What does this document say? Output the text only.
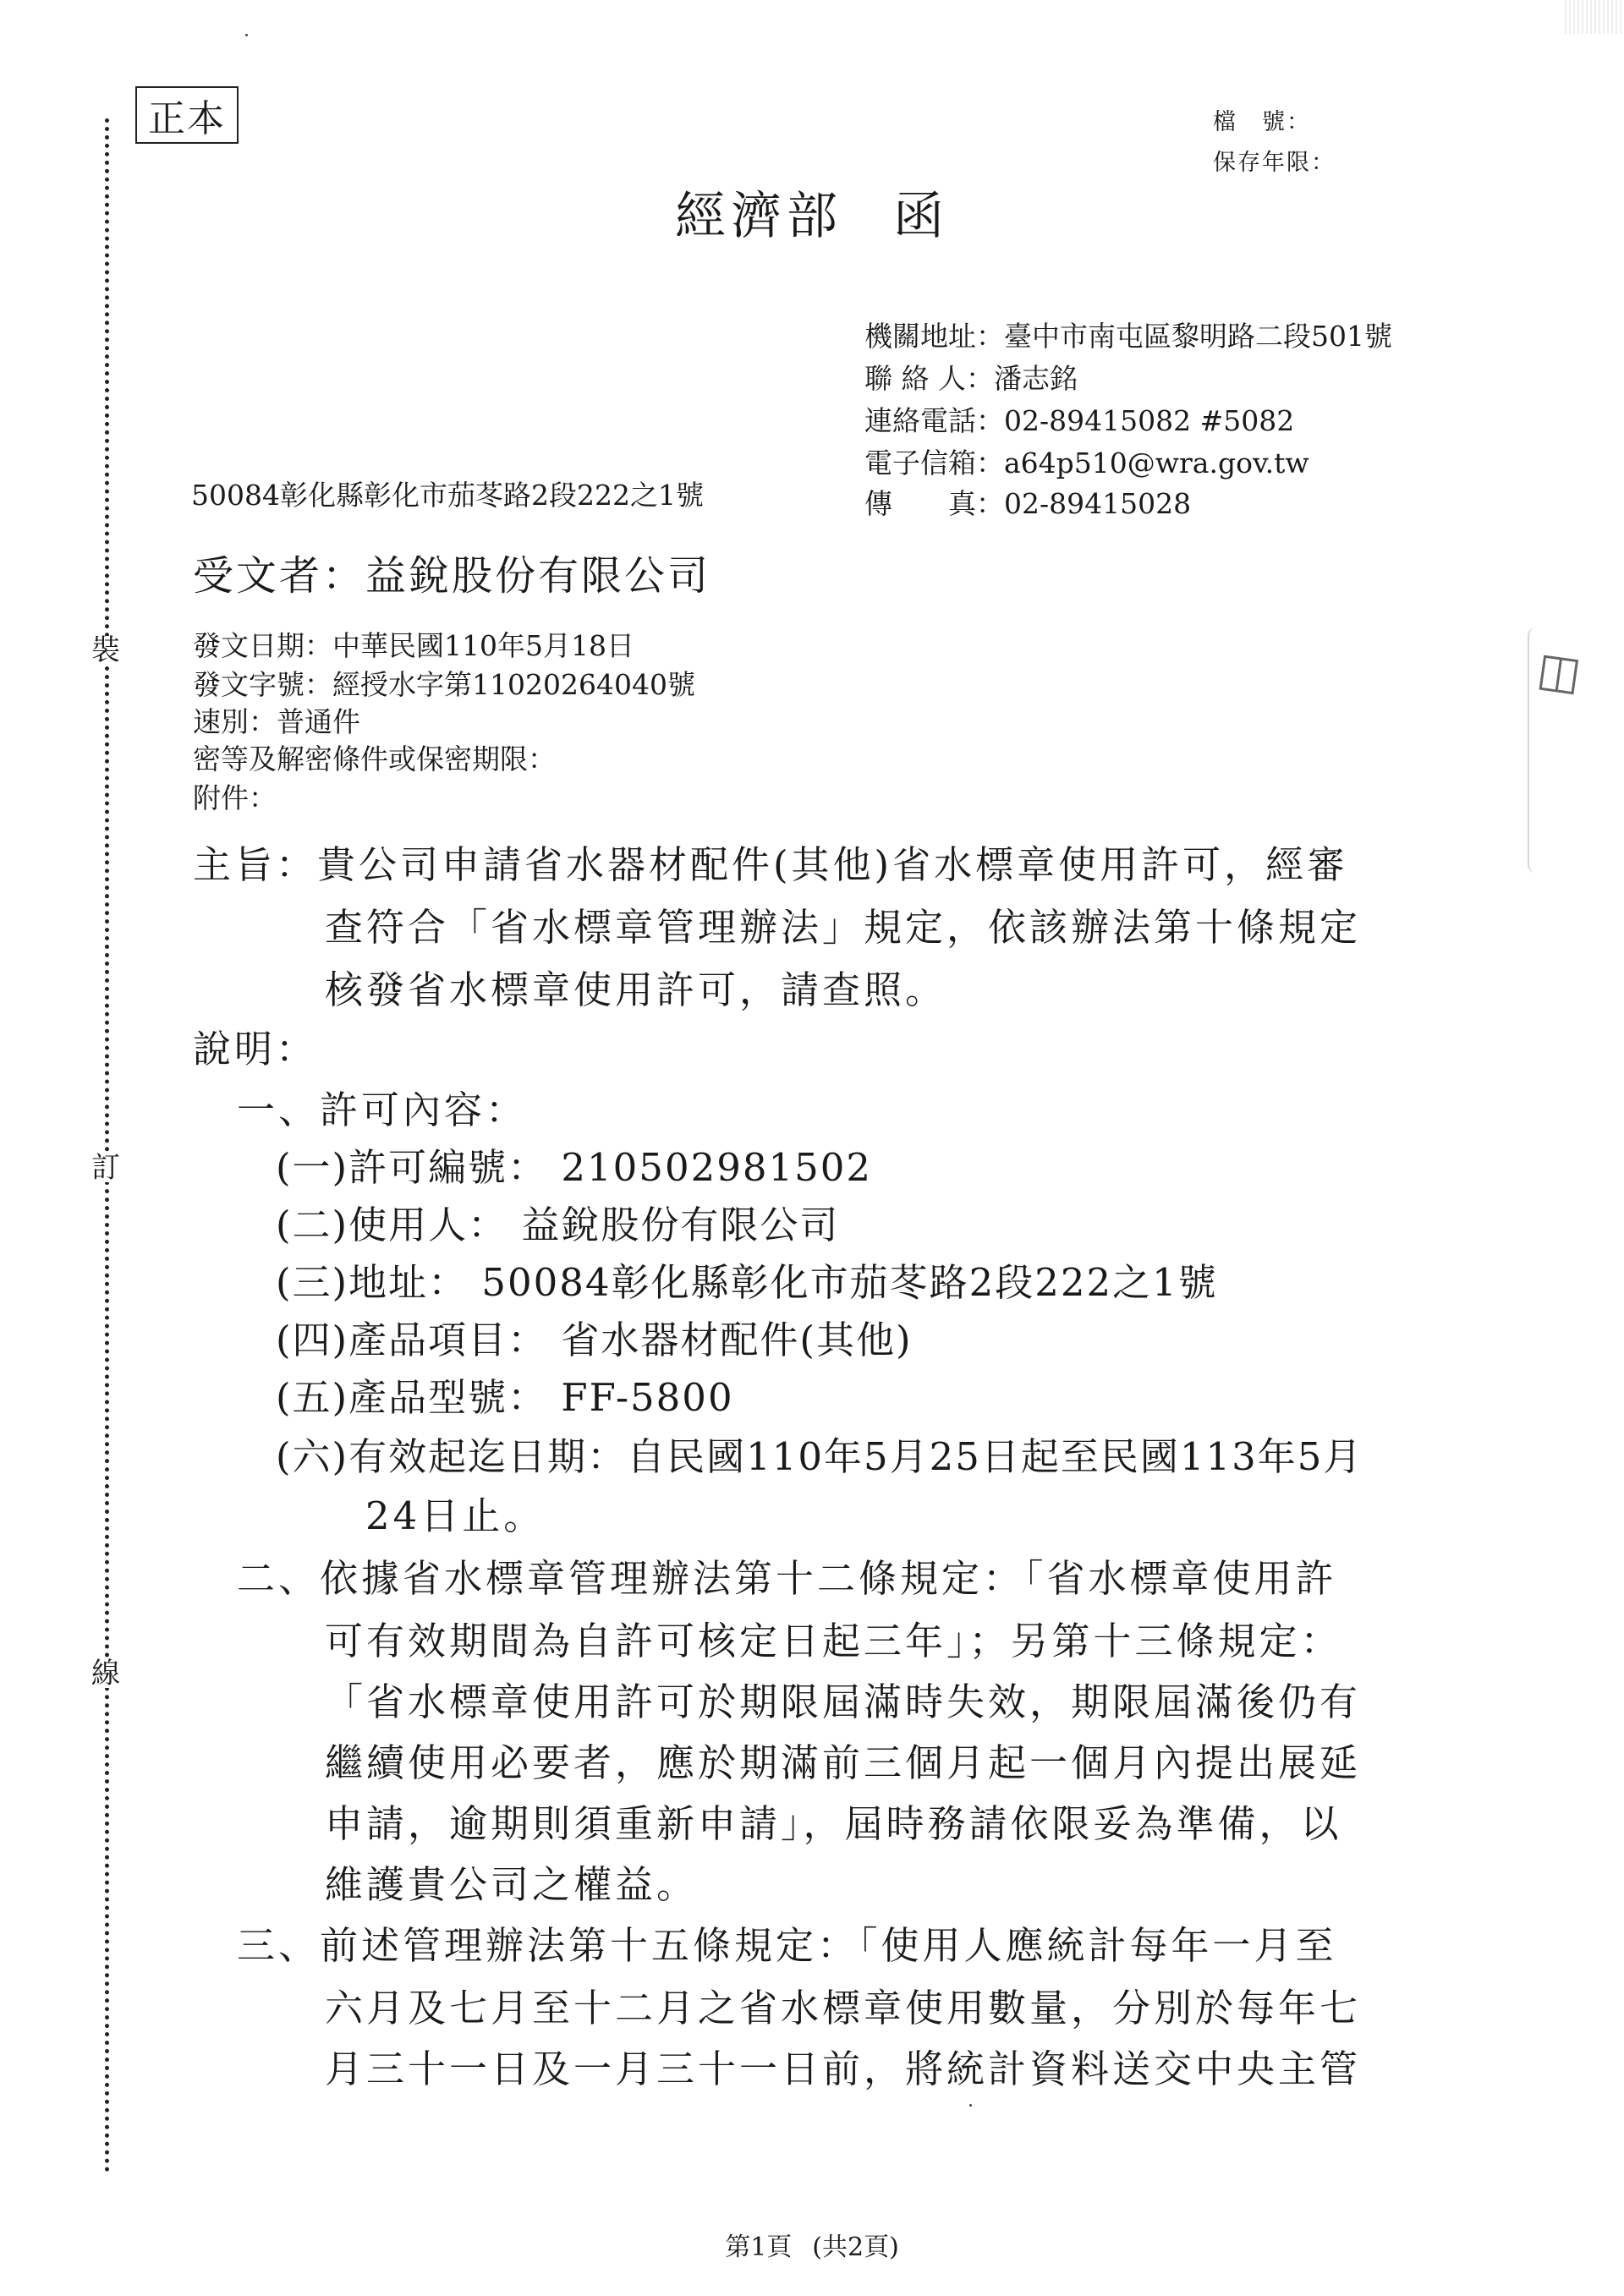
裝
訂
線
正本	檔　號：
保存年限：
經濟部 函
機關地址：臺中市南屯區黎明路二段501號
聯 絡 人：潘志銘
連絡電話：02-89415082 #5082
電子信箱：a64p510@wra.gov.tw
傳　　真：02-89415028
50084彰化縣彰化市茄苳路2段222之1號
受文者：益銳股份有限公司
發文日期：中華民國110年5月18日
發文字號：經授水字第11020264040號
速別：普通件
密等及解密條件或保密期限：
附件：
主旨：貴公司申請省水器材配件(其他)省水標章使用許可，經審
查符合「省水標章管理辦法」規定，依該辦法第十條規定
核發省水標章使用許可，請查照。
說明：
一、許可內容：
(一)許可編號： 210502981502
(二)使用人： 益銳股份有限公司
(三)地址： 50084彰化縣彰化市茄苳路2段222之1號
(四)產品項目： 省水器材配件(其他)
(五)產品型號： FF-5800
(六)有效起迄日期：自民國110年5月25日起至民國113年5月
24日止。
二、依據省水標章管理辦法第十二條規定：「省水標章使用許
可有效期間為自許可核定日起三年」；另第十三條規定：
「省水標章使用許可於期限屆滿時失效，期限屆滿後仍有
繼續使用必要者，應於期滿前三個月起一個月內提出展延
申請，逾期則須重新申請」，屆時務請依限妥為準備，以
維護貴公司之權益。
三、前述管理辦法第十五條規定：「使用人應統計每年一月至
六月及七月至十二月之省水標章使用數量，分別於每年七
月三十一日及一月三十一日前，將統計資料送交中央主管
第1頁 (共2頁)
◫
